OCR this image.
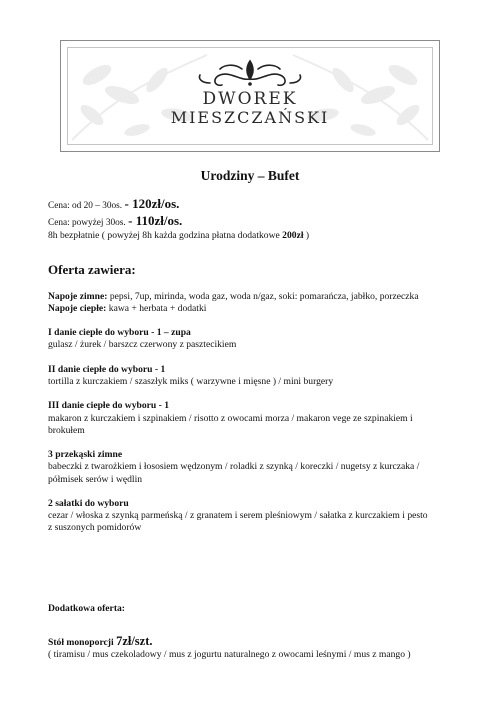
DWOREK
MIESZCZAŃSKI
Urodziny – Bufet
Cena: od 20 – 30os. - 120zł/os.
Cena: powyżej 30os. - 110zł/os.
8h bezpłatnie ( powyżej 8h każda godzina płatna dodatkowe 200zł )
Oferta zawiera:
Napoje zimne: pepsi, 7up, mirinda, woda gaz, woda n/gaz, soki: pomarańcza, jabłko, porzeczka
Napoje ciepłe: kawa + herbata + dodatki
I danie ciepłe do wyboru - 1 – zupa
gulasz / żurek / barszcz czerwony z pasztecikiem
II danie ciepłe do wyboru - 1
tortilla z kurczakiem / szaszłyk miks ( warzywne i mięsne ) / mini burgery
III danie ciepłe do wyboru - 1
makaron z kurczakiem i szpinakiem / risotto z owocami morza / makaron vege ze szpinakiem i
brokułem
3 przekąski zimne
babeczki z twarożkiem i łososiem wędzonym / roladki z szynką / koreczki / nugetsy z kurczaka /
półmisek serów i wędlin
2 sałatki do wyboru
cezar / włoska z szynką parmeńską / z granatem i serem pleśniowym / sałatka z kurczakiem i pesto
z suszonych pomidorów
Dodatkowa oferta:
Stół monoporcji 7zł/szt.
( tiramisu / mus czekoladowy / mus z jogurtu naturalnego z owocami leśnymi / mus z mango )
